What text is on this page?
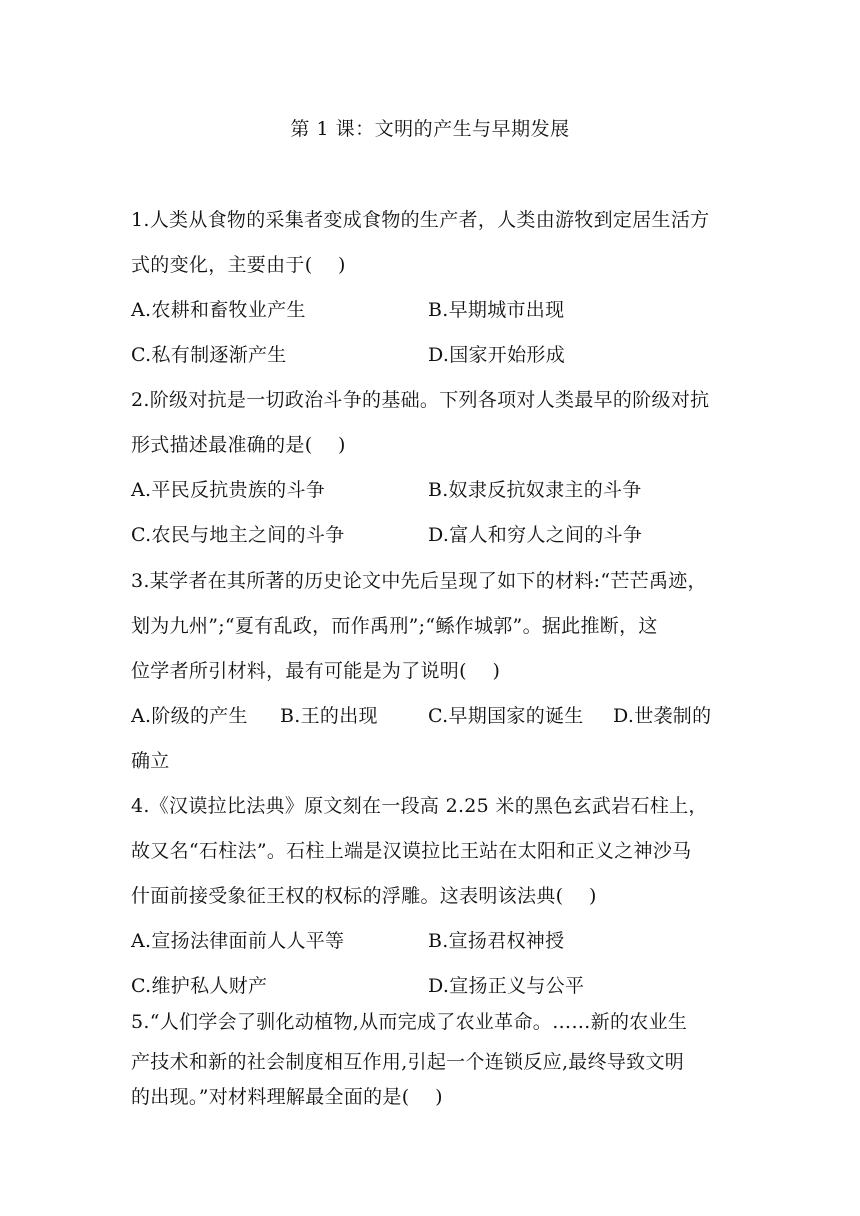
第 1 课：文明的产生与早期发展
1.人类从食物的采集者变成食物的生产者，人类由游牧到定居生活方
式的变化，主要由于(　 )
A.农耕和畜牧业产生	B.早期城市出现
C.私有制逐渐产生	D.国家开始形成
2.阶级对抗是一切政治斗争的基础。下列各项对人类最早的阶级对抗
形式描述最准确的是(　 )
A.平民反抗贵族的斗争	B.奴隶反抗奴隶主的斗争
C.农民与地主之间的斗争	D.富人和穷人之间的斗争
3.某学者在其所著的历史论文中先后呈现了如下的材料:“芒芒禹迹，
划为九州”;“夏有乱政，而作禹刑”;“鲧作城郭”。据此推断，这
位学者所引材料，最有可能是为了说明(　 )
A.阶级的产生 B.王的出现	C.早期国家的诞生 D.世袭制的
确立
4.《汉谟拉比法典》原文刻在一段高 2.25 米的黑色玄武岩石柱上，
故又名“石柱法”。石柱上端是汉谟拉比王站在太阳和正义之神沙马
什面前接受象征王权的权标的浮雕。这表明该法典(　 )
A.宣扬法律面前人人平等	B.宣扬君权神授
C.维护私人财产	D.宣扬正义与公平
5.“人们学会了驯化动植物,从而完成了农业革命。……新的农业生
产技术和新的社会制度相互作用,引起一个连锁反应,最终导致文明
的出现。”对材料理解最全面的是(　 )
